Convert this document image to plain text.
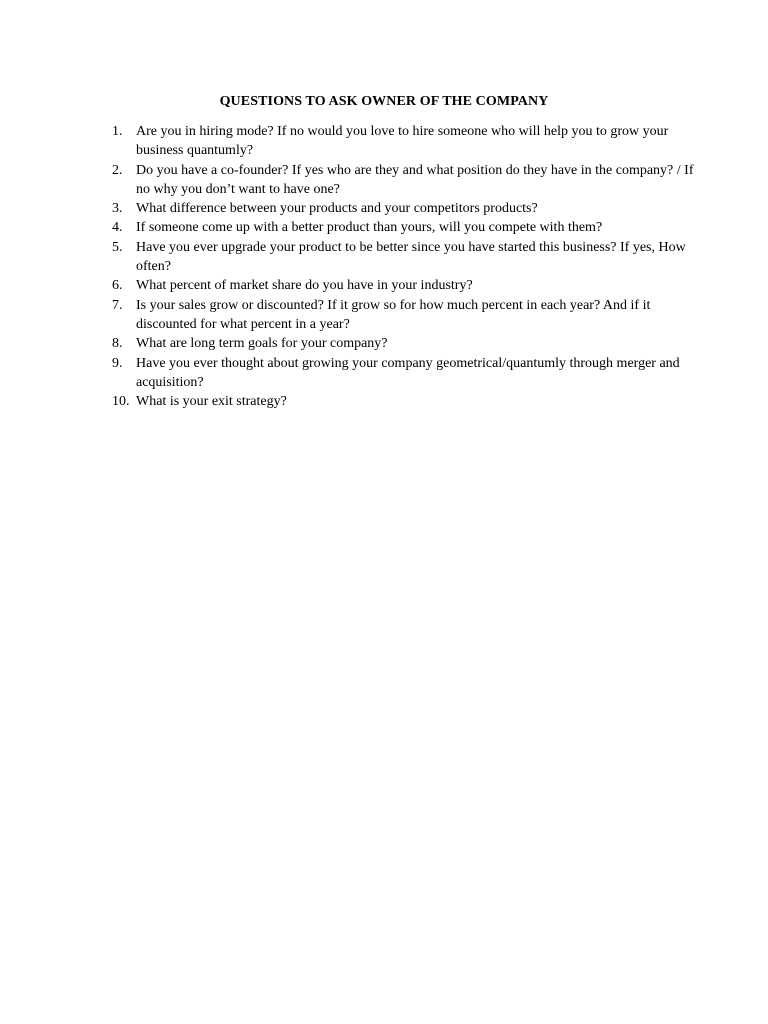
QUESTIONS TO ASK OWNER OF THE COMPANY
1. Are you in hiring mode? If no would you love to hire someone who will help you to grow your business quantumly?
2. Do you have a co-founder? If yes who are they and what position do they have in the company? / If no why you don’t want to have one?
3. What difference between your products and your competitors products?
4. If someone come up with a better product than yours, will you compete with them?
5. Have you ever upgrade your product to be better since you have started this business? If yes, How often?
6. What percent of market share do you have in your industry?
7. Is your sales grow or discounted? If it grow so for how much percent in each year? And if it discounted for what percent in a year?
8. What are long term goals for your company?
9. Have you ever thought about growing your company geometrical/quantumly through merger and acquisition?
10. What is your exit strategy?
